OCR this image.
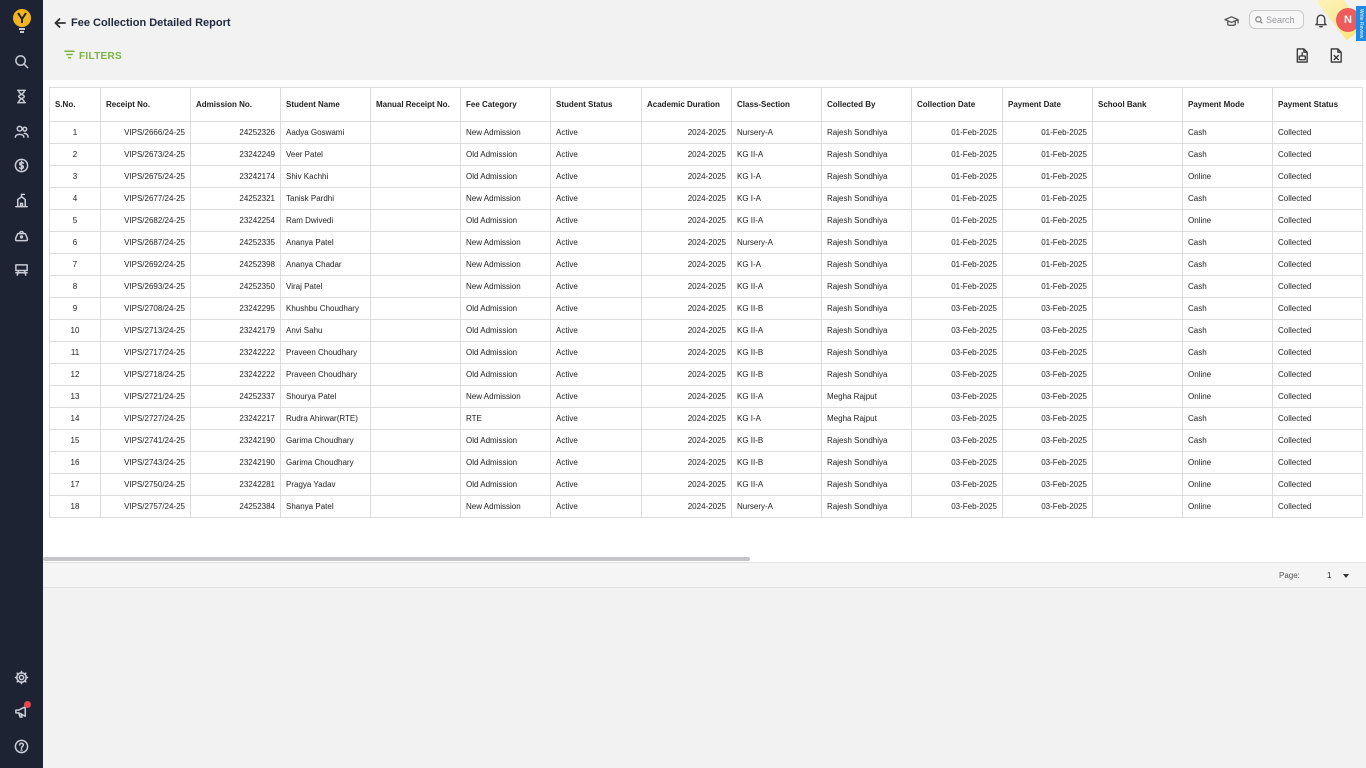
Fee Collection Detailed Report
FILTERS
Search
N	Write Review
S.No.	Receipt No.	Admission No.	Student Name	Manual Receipt No.	Fee Category	Student Status	Academic Duration	Class-Section	Collected By	Collection Date	Payment Date	School Bank	Payment Mode	Payment Status
1	VIPS/2666/24-25	24252326	Aadya Goswami		New Admission	Active	2024-2025	Nursery-A	Rajesh Sondhiya	01-Feb-2025	01-Feb-2025		Cash	Collected
2	VIPS/2673/24-25	23242249	Veer Patel		Old Admission	Active	2024-2025	KG II-A	Rajesh Sondhiya	01-Feb-2025	01-Feb-2025		Cash	Collected
3	VIPS/2675/24-25	23242174	Shiv Kachhi		Old Admission	Active	2024-2025	KG I-A	Rajesh Sondhiya	01-Feb-2025	01-Feb-2025		Online	Collected
4	VIPS/2677/24-25	24252321	Tanisk Pardhi		New Admission	Active	2024-2025	KG I-A	Rajesh Sondhiya	01-Feb-2025	01-Feb-2025		Cash	Collected
5	VIPS/2682/24-25	23242254	Ram Dwivedi		Old Admission	Active	2024-2025	KG II-A	Rajesh Sondhiya	01-Feb-2025	01-Feb-2025		Online	Collected
6	VIPS/2687/24-25	24252335	Ananya Patel		New Admission	Active	2024-2025	Nursery-A	Rajesh Sondhiya	01-Feb-2025	01-Feb-2025		Cash	Collected
7	VIPS/2692/24-25	24252398	Ananya Chadar		New Admission	Active	2024-2025	KG I-A	Rajesh Sondhiya	01-Feb-2025	01-Feb-2025		Cash	Collected
8	VIPS/2693/24-25	24252350	Viraj Patel		New Admission	Active	2024-2025	KG II-A	Rajesh Sondhiya	01-Feb-2025	01-Feb-2025		Cash	Collected
9	VIPS/2708/24-25	23242295	Khushbu Choudhary		Old Admission	Active	2024-2025	KG II-B	Rajesh Sondhiya	03-Feb-2025	03-Feb-2025		Cash	Collected
10	VIPS/2713/24-25	23242179	Anvi Sahu		Old Admission	Active	2024-2025	KG II-A	Rajesh Sondhiya	03-Feb-2025	03-Feb-2025		Cash	Collected
11	VIPS/2717/24-25	23242222	Praveen Choudhary		Old Admission	Active	2024-2025	KG II-B	Rajesh Sondhiya	03-Feb-2025	03-Feb-2025		Cash	Collected
12	VIPS/2718/24-25	23242222	Praveen Choudhary		Old Admission	Active	2024-2025	KG II-B	Rajesh Sondhiya	03-Feb-2025	03-Feb-2025		Online	Collected
13	VIPS/2721/24-25	24252337	Shourya Patel		New Admission	Active	2024-2025	KG II-A	Megha Rajput	03-Feb-2025	03-Feb-2025		Online	Collected
14	VIPS/2727/24-25	23242217	Rudra Ahirwar(RTE)		RTE	Active	2024-2025	KG I-A	Megha Rajput	03-Feb-2025	03-Feb-2025		Cash	Collected
15	VIPS/2741/24-25	23242190	Garima Choudhary		Old Admission	Active	2024-2025	KG II-B	Rajesh Sondhiya	03-Feb-2025	03-Feb-2025		Cash	Collected
16	VIPS/2743/24-25	23242190	Garima Choudhary		Old Admission	Active	2024-2025	KG II-B	Rajesh Sondhiya	03-Feb-2025	03-Feb-2025		Online	Collected
17	VIPS/2750/24-25	23242281	Pragya Yadav		Old Admission	Active	2024-2025	KG II-A	Rajesh Sondhiya	03-Feb-2025	03-Feb-2025		Online	Collected
18	VIPS/2757/24-25	24252384	Shanya Patel		New Admission	Active	2024-2025	Nursery-A	Rajesh Sondhiya	03-Feb-2025	03-Feb-2025		Online	Collected
Page:	1
